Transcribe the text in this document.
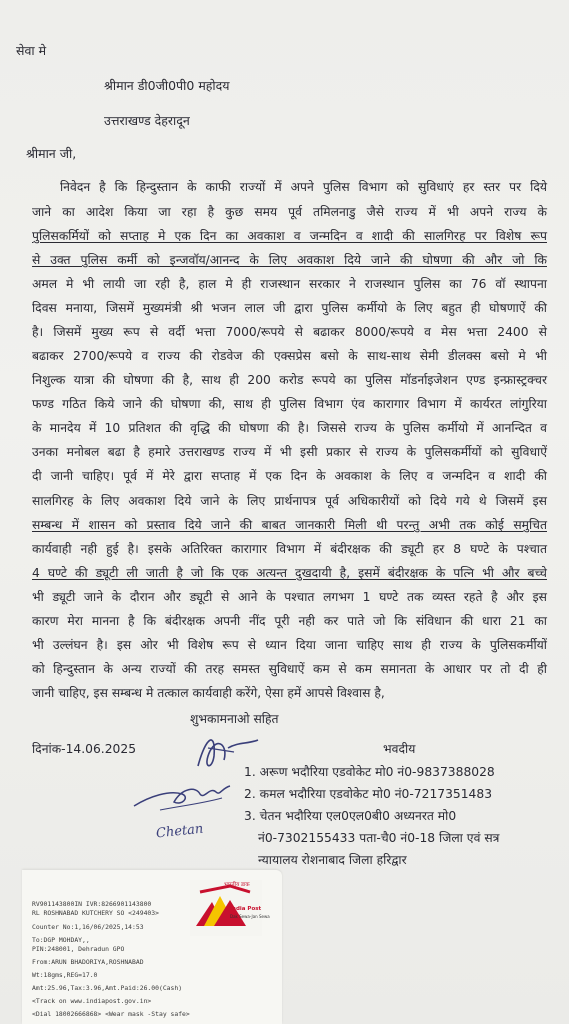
सेवा मे
श्रीमान डी0जी0पी0 महोदय
उत्तराखण्ड देहरादून
श्रीमान जी,
निवेदन है कि हिन्दुस्तान के काफी राज्यों में अपने पुलिस विभाग को सुविधाएं हर स्तर पर दिये
जाने का आदेश किया जा रहा है कुछ समय पूर्व तमिलनाडु जैसे राज्य में भी अपने राज्य के
पुलिसकर्मियों को सप्ताह मे एक दिन का अवकाश व जन्मदिन व शादी की सालगिरह पर विशेष रूप
से उक्त पुलिस कर्मी को इन्जवॉय/आनन्द के लिए अवकाश दिये जाने की घोषणा की और जो कि
अमल मे भी लायी जा रही है, हाल मे ही राजस्थान सरकार ने राजस्थान पुलिस का 76 वॉ स्थापना
दिवस मनाया, जिसमें मुख्यमंत्री श्री भजन लाल जी द्वारा पुलिस कर्मीयो के लिए बहुत ही घोषणाऐं की
है। जिसमें मुख्य रूप से वर्दी भत्ता 7000/रूपये से बढाकर 8000/रूपये व मेस भत्ता 2400 से
बढाकर 2700/रूपये व राज्य की रोडवेज की एक्सप्रेस बसो के साथ-साथ सेमी डीलक्स बसो मे भी
निशुल्क यात्रा की घोषणा की है, साथ ही 200 करोड रूपये का पुलिस मॉडर्नाइजेशन एण्ड इन्फ्रास्ट्रक्चर
फण्ड गठित किये जाने की घोषणा की, साथ ही पुलिस विभाग एंव कारागार विभाग में कार्यरत लांगुरिया
के मानदेय में 10 प्रतिशत की वृद्धि की घोषणा की है। जिससे राज्य के पुलिस कर्मीयो में आनन्दित व
उनका मनोबल बढा है हमारे उत्तराखण्ड राज्य में भी इसी प्रकार से राज्य के पुलिसकर्मीयों को सुविधाऐं
दी जानी चाहिए। पूर्व में मेरे द्वारा सप्ताह में एक दिन के अवकाश के लिए व जन्मदिन व शादी की
सालगिरह के लिए अवकाश दिये जाने के लिए प्रार्थनापत्र पूर्व अधिकारीयों को दिये गये थे जिसमें इस
सम्बन्ध में शासन को प्रस्ताव दिये जाने की बाबत जानकारी मिली थी परन्तु अभी तक कोई समुचित
कार्यवाही नही हुई है। इसके अतिरिक्त कारागार विभाग में बंदीरक्षक की ड्यूटी हर 8 घण्टे के पश्चात
4 घण्टे की ड्यूटी ली जाती है जो कि एक अत्यन्त दुखदायी है, इसमें बंदीरक्षक के पत्नि भी और बच्चे
भी ड्यूटी जाने के दौरान और ड्यूटी से आने के पश्चात लगभग 1 घण्टे तक व्यस्त रहते है और इस
कारण मेरा मानना है कि बंदीरक्षक अपनी नींद पूरी नही कर पाते जो कि संविधान की धारा 21 का
भी उल्लंघन है। इस ओर भी विशेष रूप से ध्यान दिया जाना चाहिए साथ ही राज्य के पुलिसकर्मीयों
को हिन्दुस्तान के अन्य राज्यों की तरह समस्त सुविधाऐं कम से कम समानता के आधार पर तो दी ही
जानी चाहिए, इस सम्बन्ध मे तत्काल कार्यवाही करेंगे, ऐसा हमें आपसे विश्वास है,
शुभकामनाओ सहित
दिनांक-14.06.2025	भवदीय
1. अरूण भदौरिया एडवोकेट मो0 नं0-9837388028
2. कमल भदौरिया एडवोकेट मो0 नं0-7217351483
3. चेतन भदौरिया एल0एल0बी0 अध्यनरत मो0
नं0-7302155433 पता-चै0 नं0-18 जिला एवं सत्र
न्यायालय रोशनाबाद जिला हरिद्वार
Chetan
RV901143800IN IVR:8266901143800
RL ROSHNABAD KUTCHERY SO <249403>
Counter No:1,16/06/2025,14:53
To:DGP MOHDAY,,
PIN:248001, Dehradun GPO
From:ARUN BHADORIYA,ROSHNABAD
Wt:18gms,REG=17.0
Amt:25.96,Tax:3.96,Amt.Paid:26.00(Cash)
<Track on www.indiapost.gov.in>
<Dial 18002666868> <Wear mask -Stay safe>
भारतीय डाक
India Post
Dak Sewa-Jan Sewa
